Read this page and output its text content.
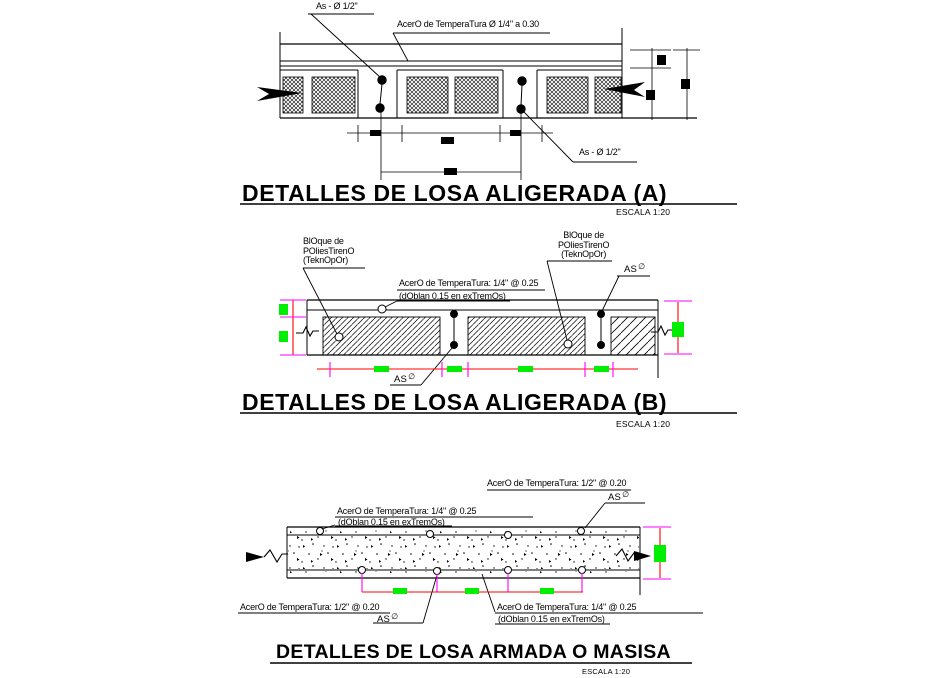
As - Ø 1/2"
AcerO de TemperaTura Ø 1/4" a 0.30
As - Ø 1/2"
DETALLES DE LOSA ALIGERADA (A)
ESCALA 1:20
BlOque de
POliesTirenO
(TeknOpOr)
BlOque de
POliesTirenO
(TeknOpOr)
AcerO de TemperaTura: 1/4" @ 0.25
(dOblan 0.15 en exTremOs)
AS∅
AS∅
DETALLES DE LOSA ALIGERADA (B)
ESCALA 1:20
AcerO de TemperaTura: 1/2" @ 0.20
AS∅
AcerO de TemperaTura: 1/4" @ 0.25
(dOblan 0.15 en exTremOs)
AcerO de TemperaTura: 1/2" @ 0.20
AS∅
AcerO de TemperaTura: 1/4" @ 0.25
(dOblan 0.15 en exTremOs)
DETALLES DE LOSA ARMADA O MASISA
ESCALA 1:20
